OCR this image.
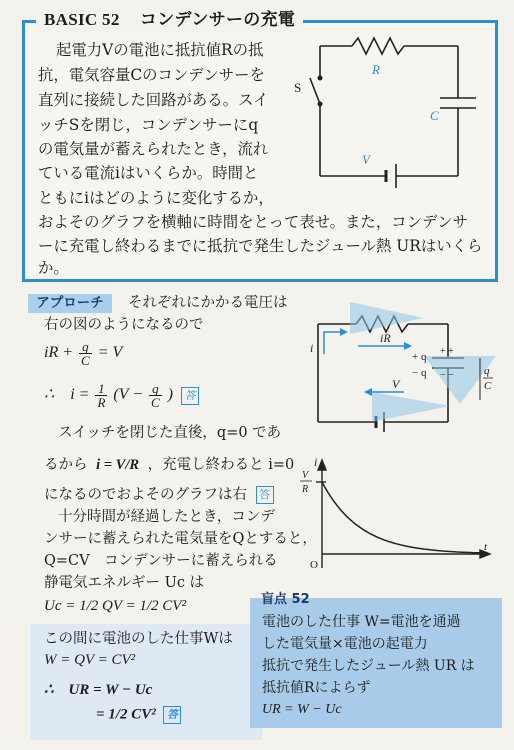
BASIC 52 コンデンサーの充電
起電力Vの電池に抵抗値Rの抵
抗，電気容量Cのコンデンサーを
直列に接続した回路がある。スイ
ッチSを閉じ，コンデンサーにq
の電気量が蓄えられたとき，流れ
ている電流iはいくらか。時間と
ともにiはどのように変化するか，
およそのグラフを横軸に時間をとって表せ。また，コンデンサ
ーに充電し終わるまでに抵抗で発生したジュール熱 URはいくら
か。
R
C
S
V
アプローチ	それぞれにかかる電圧は
右の図のようになるので
iR + $\frac{q}{C} = V$
∴ $i = \frac{1}{R} (V - \frac{q}{C}$ ) 答
スイッチを閉じた直後，q=0 であ
るから i = V/R ，充電し終わると i=0
になるのでおよそのグラフは右 答
十分時間が経過したとき，コンデ
ンサーに蓄えられた電気量をQとすると，
Q=CV　コンデンサーに蓄えられる
静電気エネルギー Uc は
Uc = 1/2 QV = 1/2 CV²
iR
i
V
+ q
− q
+ +
− −	q
C
i
V
R
t
O
この間に電池のした仕事Wは
W = QV = CV²
∴　UR = W − Uc
= 1/2 CV² 答
盲点 52
電池のした仕事 W=電池を通過
した電気量×電池の起電力
抵抗で発生したジュール熱 UR は
抵抗値Rによらず
UR = W − Uc
